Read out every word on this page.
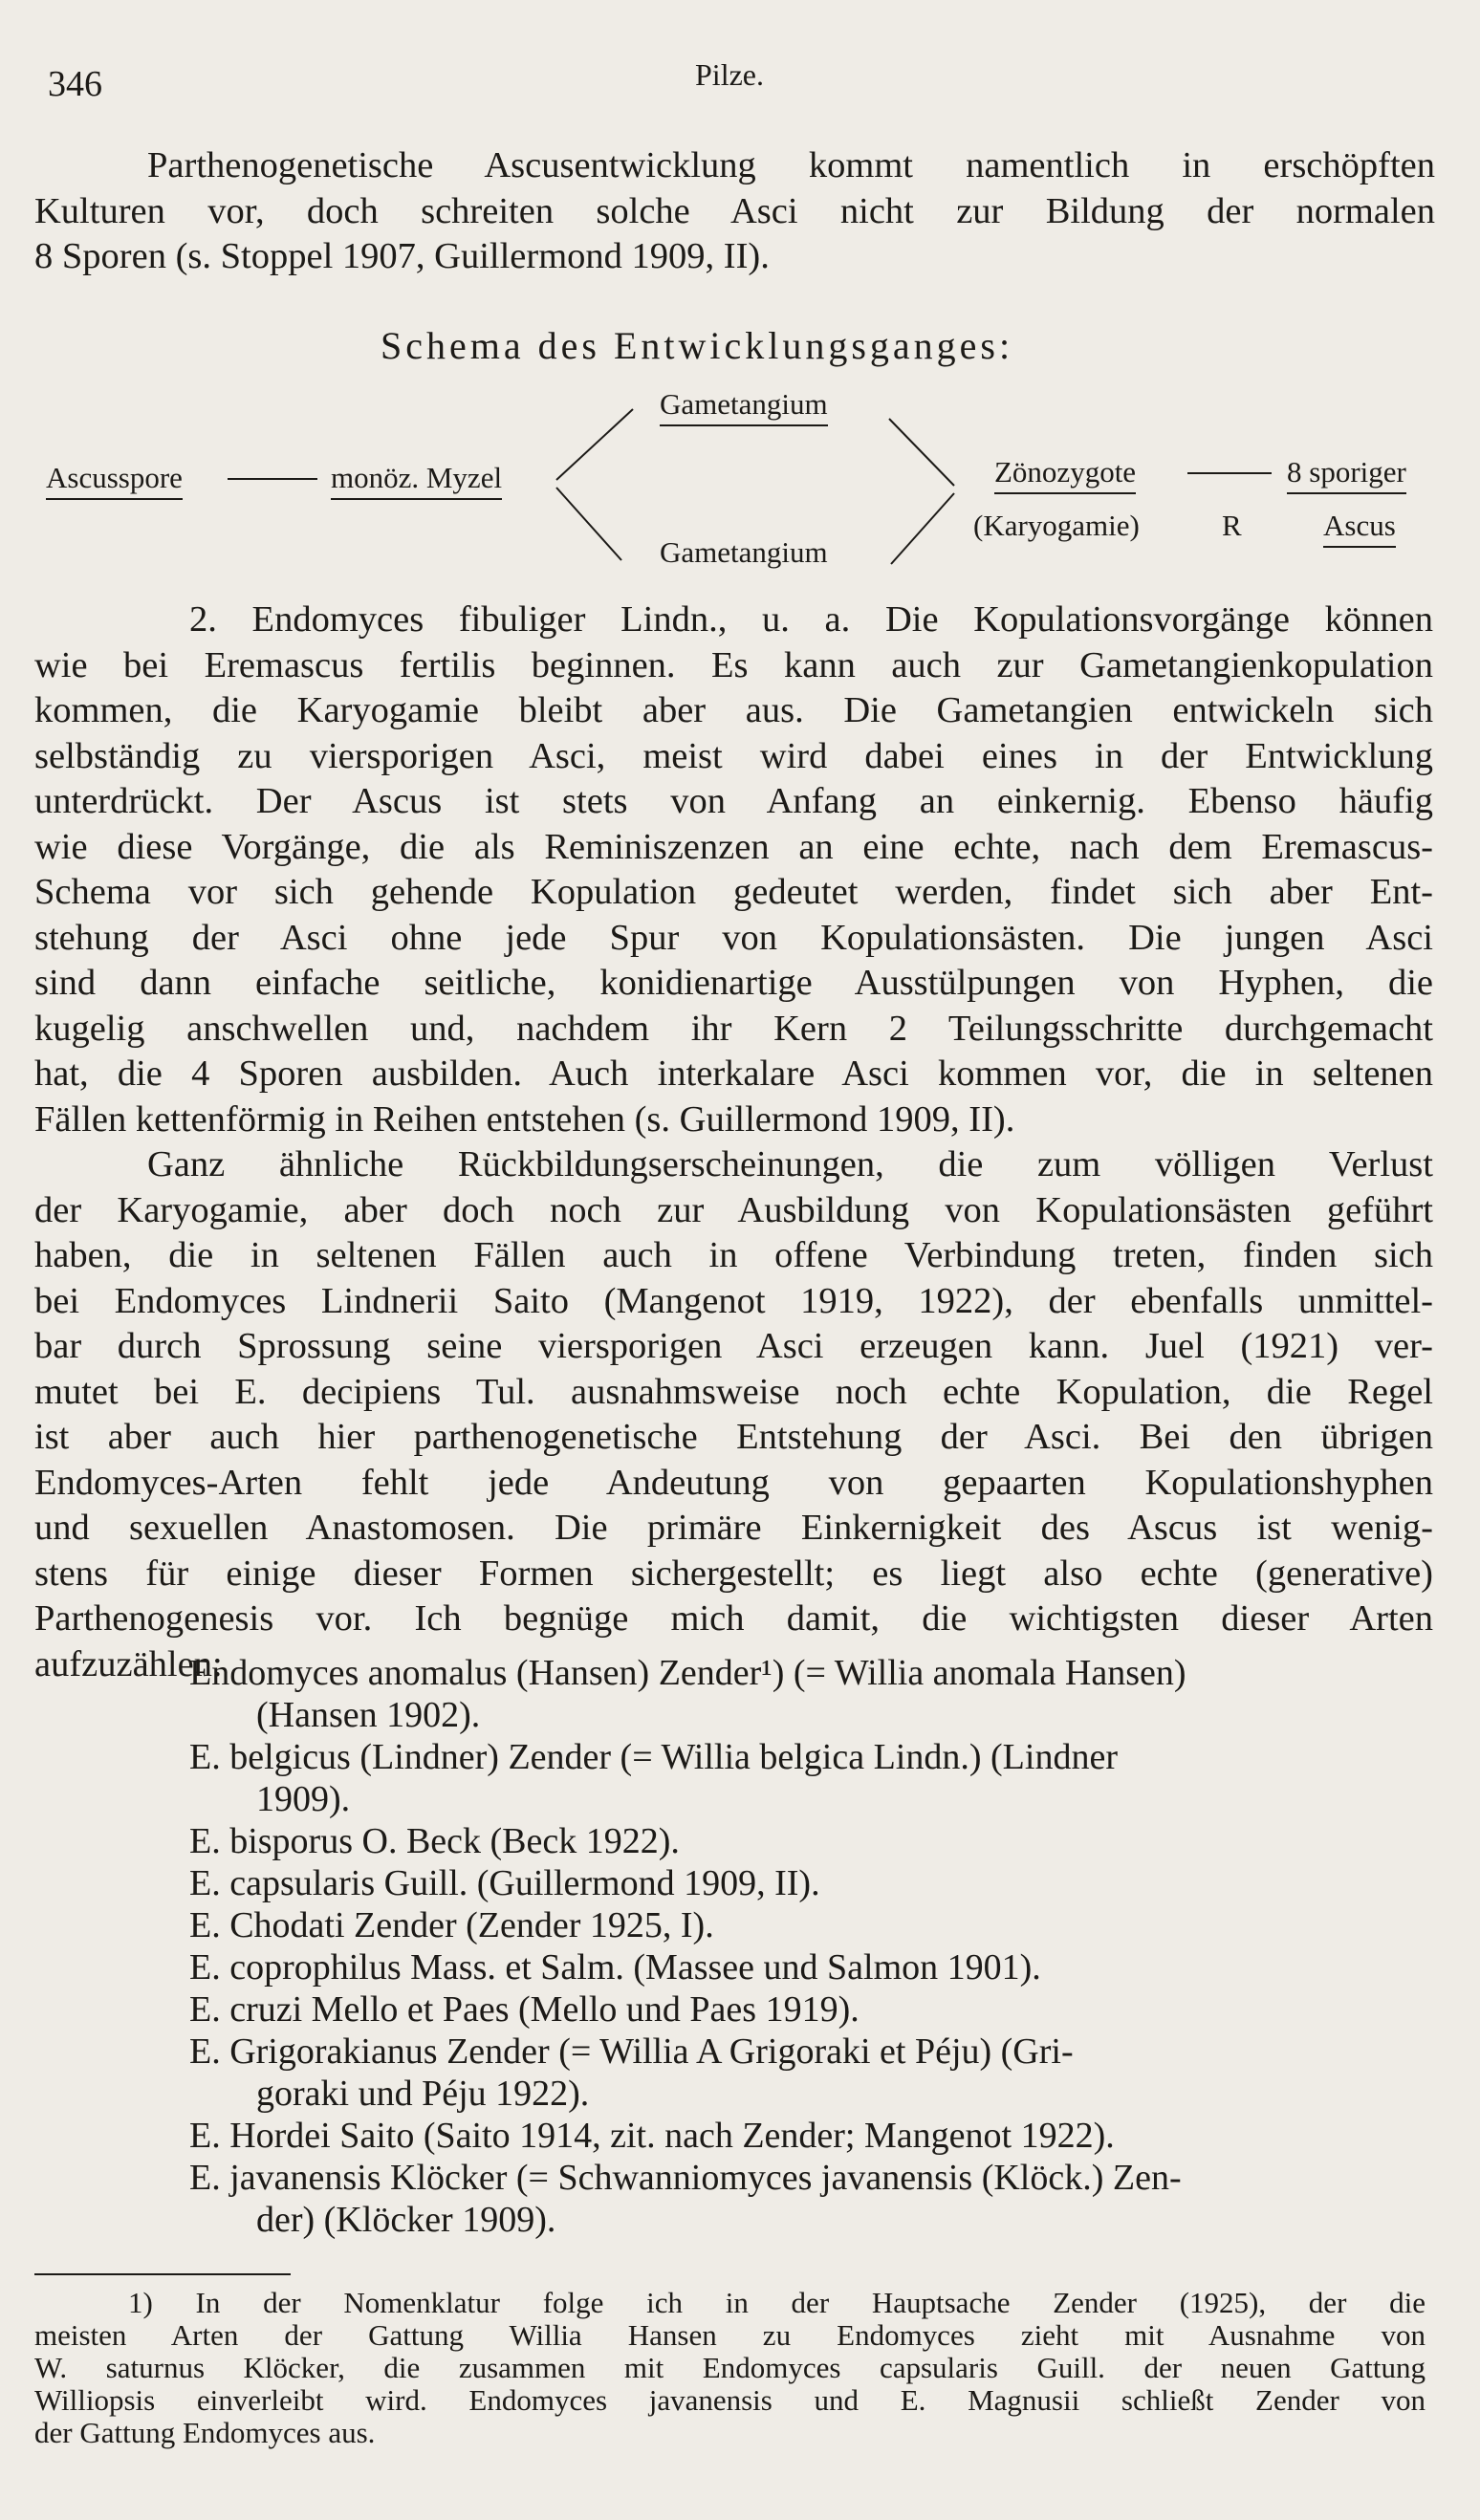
346	Pilze.

Parthenogenetische Ascusentwicklung kommt namentlich in erschöpften

Kulturen vor, doch schreiten solche Asci nicht zur Bildung der normalen

8 Sporen (s. Stoppel 1907, Guillermond 1909, II).

Schema des Entwicklungsganges:
Ascusspore	monöz. Myzel
Gametangium
Gametangium
Zönozygote	8 sporiger
(Karyogamie)	R	Ascus

2. Endomyces fibuliger Lindn., u. a. Die Kopulationsvorgänge können

wie bei Eremascus fertilis beginnen. Es kann auch zur Gametangienkopulation

kommen, die Karyogamie bleibt aber aus. Die Gametangien entwickeln sich

selbständig zu viersporigen Asci, meist wird dabei eines in der Entwicklung

unterdrückt. Der Ascus ist stets von Anfang an einkernig. Ebenso häufig

wie diese Vorgänge, die als Reminiszenzen an eine echte, nach dem Eremascus-

Schema vor sich gehende Kopulation gedeutet werden, findet sich aber Ent-

stehung der Asci ohne jede Spur von Kopulationsästen. Die jungen Asci

sind dann einfache seitliche, konidienartige Ausstülpungen von Hyphen, die

kugelig anschwellen und, nachdem ihr Kern 2 Teilungsschritte durchgemacht

hat, die 4 Sporen ausbilden. Auch interkalare Asci kommen vor, die in seltenen

Fällen kettenförmig in Reihen entstehen (s. Guillermond 1909, II).

Ganz ähnliche Rückbildungserscheinungen, die zum völligen Verlust

der Karyogamie, aber doch noch zur Ausbildung von Kopulationsästen geführt

haben, die in seltenen Fällen auch in offene Verbindung treten, finden sich

bei Endomyces Lindnerii Saito (Mangenot 1919, 1922), der ebenfalls unmittel-

bar durch Sprossung seine viersporigen Asci erzeugen kann. Juel (1921) ver-

mutet bei E. decipiens Tul. ausnahmsweise noch echte Kopulation, die Regel

ist aber auch hier parthenogenetische Entstehung der Asci. Bei den übrigen

Endomyces-Arten fehlt jede Andeutung von gepaarten Kopulationshyphen

und sexuellen Anastomosen. Die primäre Einkernigkeit des Ascus ist wenig-

stens für einige dieser Formen sichergestellt; es liegt also echte (generative)

Parthenogenesis vor. Ich begnüge mich damit, die wichtigsten dieser Arten

aufzuzählen:

Endomyces anomalus (Hansen) Zender¹) (= Willia anomala Hansen)

(Hansen 1902).

E. belgicus (Lindner) Zender (= Willia belgica Lindn.) (Lindner

1909).

E. bisporus O. Beck (Beck 1922).

E. capsularis Guill. (Guillermond 1909, II).

E. Chodati Zender (Zender 1925, I).

E. coprophilus Mass. et Salm. (Massee und Salmon 1901).

E. cruzi Mello et Paes (Mello und Paes 1919).

E. Grigorakianus Zender (= Willia A Grigoraki et Péju) (Gri-

goraki und Péju 1922).

E. Hordei Saito (Saito 1914, zit. nach Zender; Mangenot 1922).

E. javanensis Klöcker (= Schwanniomyces javanensis (Klöck.) Zen-

der) (Klöcker 1909).

1) In der Nomenklatur folge ich in der Hauptsache Zender (1925), der die

meisten Arten der Gattung Willia Hansen zu Endomyces zieht mit Ausnahme von

W. saturnus Klöcker, die zusammen mit Endomyces capsularis Guill. der neuen Gattung

Williopsis einverleibt wird. Endomyces javanensis und E. Magnusii schließt Zender von

der Gattung Endomyces aus.
